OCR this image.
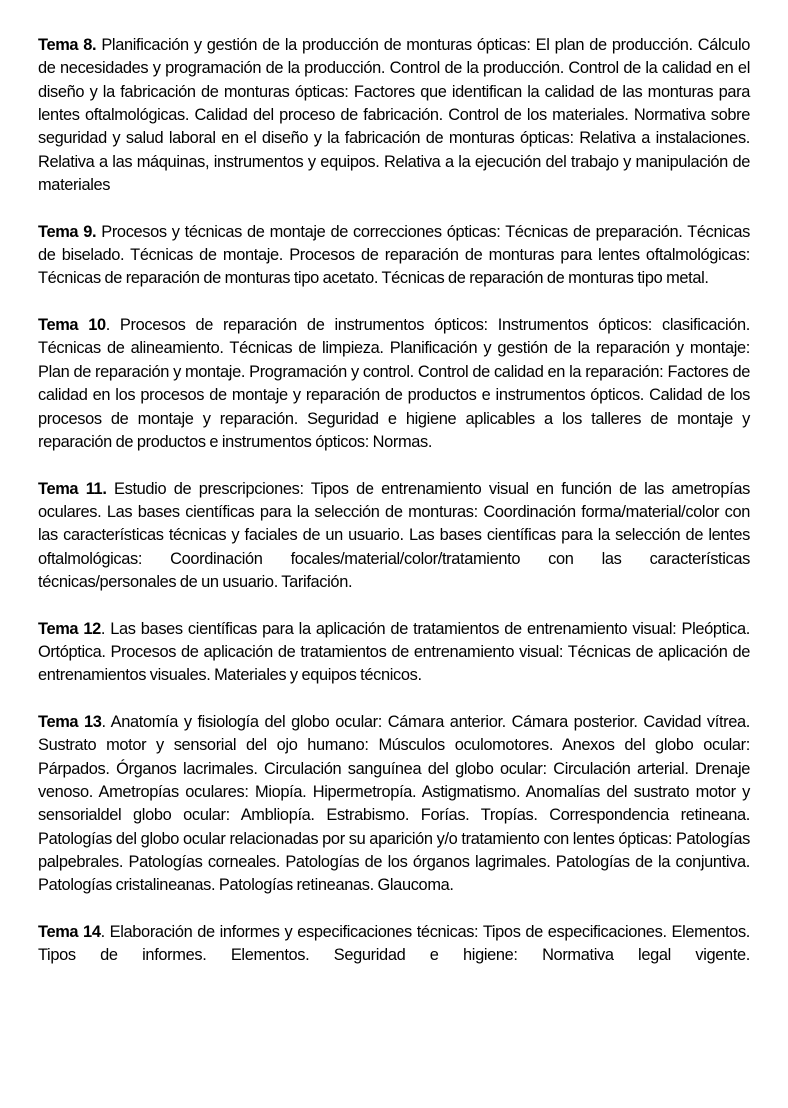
Tema 8. Planificación y gestión de la producción de monturas ópticas: El plan de producción. Cálculo de necesidades y programación de la producción. Control de la producción. Control de la calidad en el diseño y la fabricación de monturas ópticas: Factores que identifican la calidad de las monturas para lentes oftalmológicas. Calidad del proceso de fabricación. Control de los materiales. Normativa sobre seguridad y salud laboral en el diseño y la fabricación de monturas ópticas: Relativa a instalaciones. Relativa a las máquinas, instrumentos y equipos. Relativa a la ejecución del trabajo y manipulación de materiales

Tema 9. Procesos y técnicas de montaje de correcciones ópticas: Técnicas de preparación. Técnicas de biselado. Técnicas de montaje. Procesos de reparación de monturas para lentes oftalmológicas: Técnicas de reparación de monturas tipo acetato. Técnicas de reparación de monturas tipo metal.

Tema 10. Procesos de reparación de instrumentos ópticos: Instrumentos ópticos: clasificación. Técnicas de alineamiento. Técnicas de limpieza. Planificación y gestión de la reparación y montaje: Plan de reparación y montaje. Programación y control. Control de calidad en la reparación: Factores de calidad en los procesos de montaje y reparación de productos e instrumentos ópticos. Calidad de los procesos de montaje y reparación. Seguridad e higiene aplicables a los talleres de montaje y reparación de productos e instrumentos ópticos: Normas.

Tema 11. Estudio de prescripciones: Tipos de entrenamiento visual en función de las ametropías oculares. Las bases científicas para la selección de monturas: Coordinación forma/material/color con las características técnicas y faciales de un usuario. Las bases científicas para la selección de lentes oftalmológicas: Coordinación focales/material/color/tratamiento con las características técnicas/personales de un usuario. Tarifación.

Tema 12. Las bases científicas para la aplicación de tratamientos de entrenamiento visual: Pleóptica. Ortóptica. Procesos de aplicación de tratamientos de entrenamiento visual: Técnicas de aplicación de entrenamientos visuales. Materiales y equipos técnicos.

Tema 13. Anatomía y fisiología del globo ocular: Cámara anterior. Cámara posterior. Cavidad vítrea. Sustrato motor y sensorial del ojo humano: Músculos oculomotores. Anexos del globo ocular: Párpados. Órganos lacrimales. Circulación sanguínea del globo ocular: Circulación arterial. Drenaje venoso. Ametropías oculares: Miopía. Hipermetropía. Astigmatismo. Anomalías del sustrato motor y sensorialdel globo ocular: Ambliopía. Estrabismo. Forías. Tropías. Correspondencia retineana. Patologías del globo ocular relacionadas por su aparición y/o tratamiento con lentes ópticas: Patologías palpebrales. Patologías corneales. Patologías de los órganos lagrimales. Patologías de la conjuntiva. Patologías cristalineanas. Patologías retineanas. Glaucoma.

Tema 14. Elaboración de informes y especificaciones técnicas: Tipos de especificaciones. Elementos. Tipos de informes. Elementos. Seguridad e higiene: Normativa legal vigente.
